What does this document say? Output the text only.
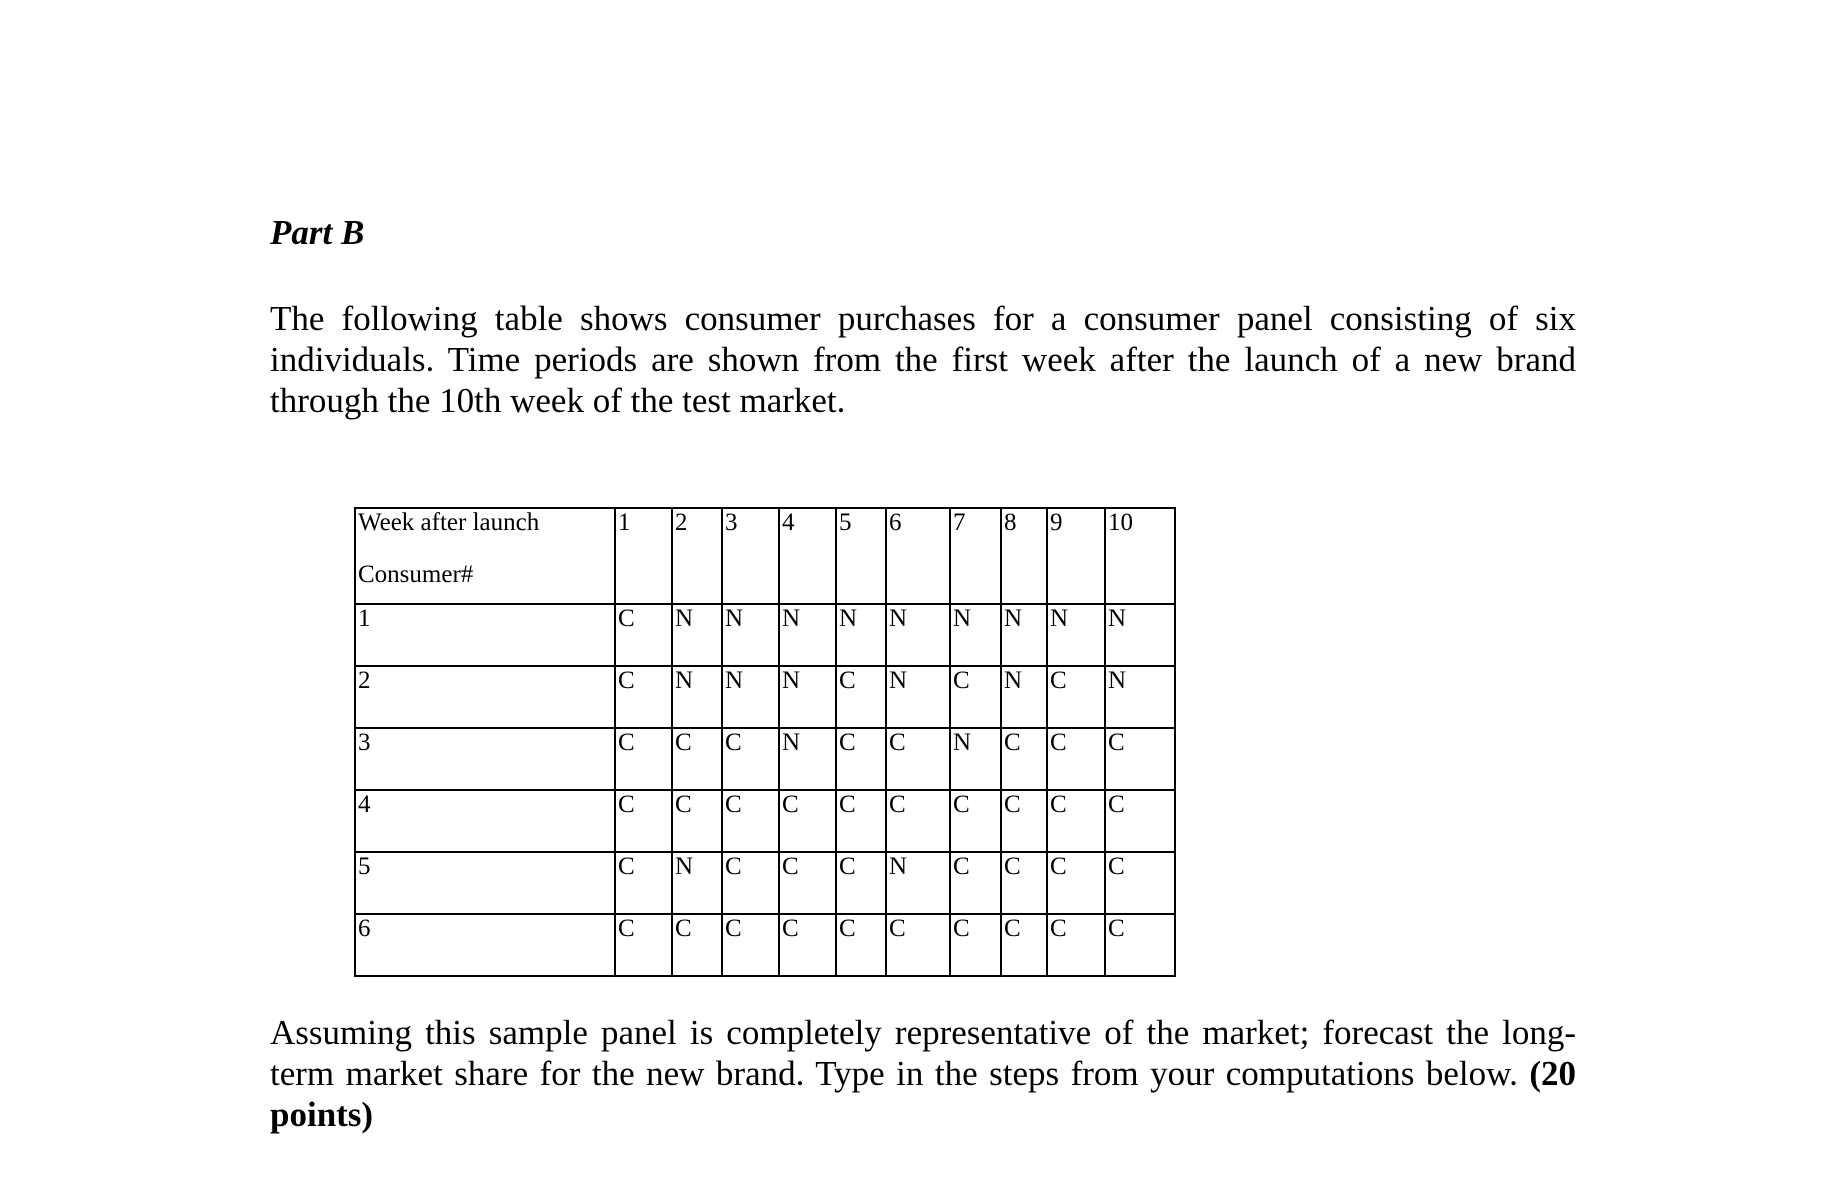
Part B

The following table shows consumer purchases for a consumer panel consisting of six individuals. Time periods are shown from the first week after the launch of a new brand through the 10th week of the test market.

Week after launch
Consumer#	1	2	3	4	5	6	7	8	9	10
1	C	N	N	N	N	N	N	N	N	N
2	C	N	N	N	C	N	C	N	C	N
3	C	C	C	N	C	C	N	C	C	C
4	C	C	C	C	C	C	C	C	C	C
5	C	N	C	C	C	N	C	C	C	C
6	C	C	C	C	C	C	C	C	C	C

Assuming this sample panel is completely representative of the market; forecast the long-term market share for the new brand. Type in the steps from your computations below. (20 points)
